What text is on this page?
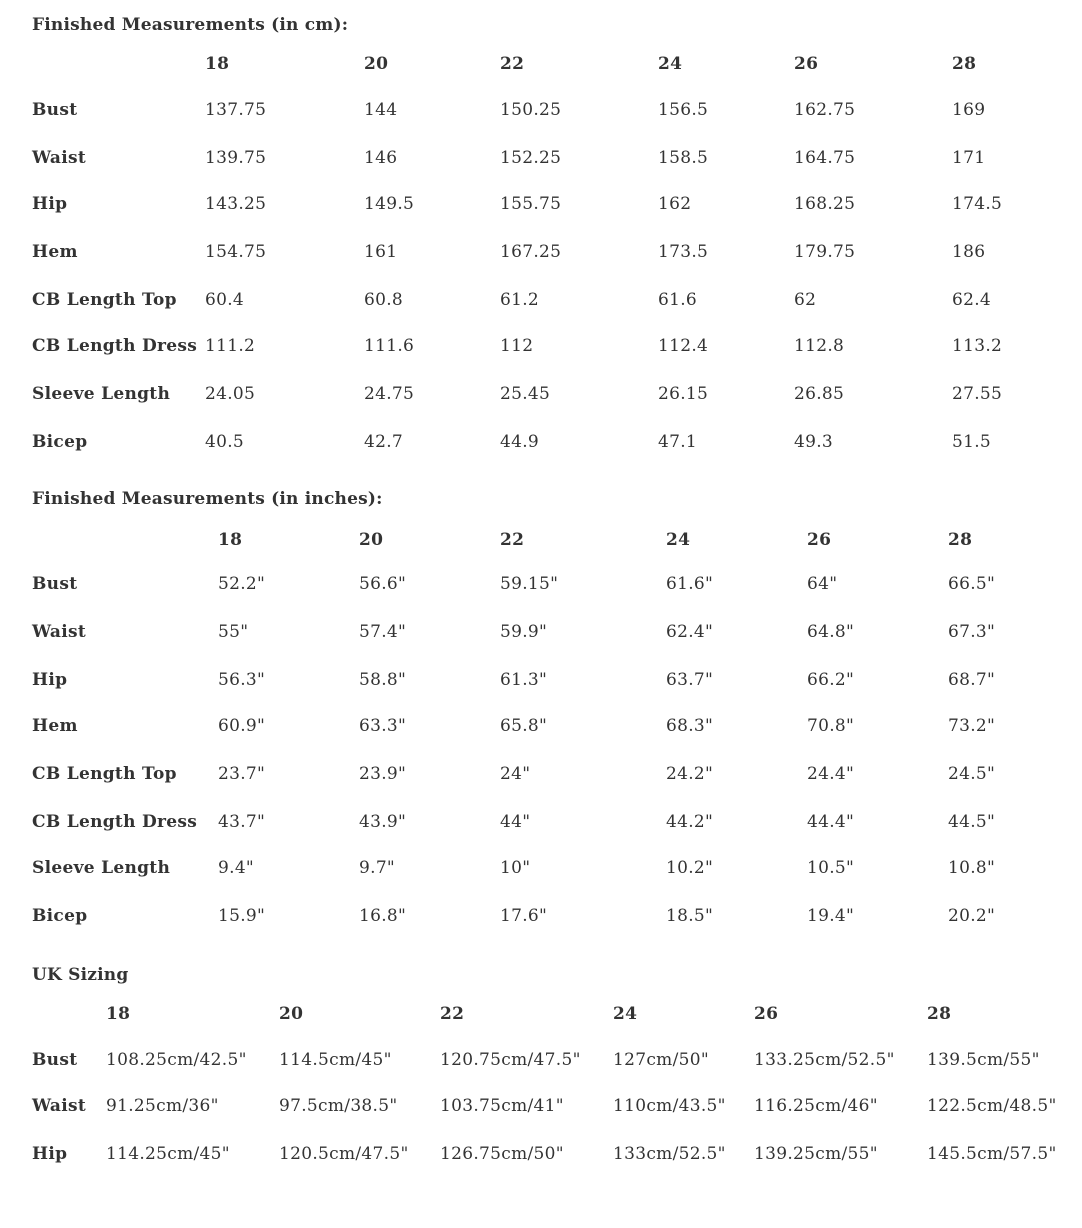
Finished Measurements (in cm):
18	20	22	24	26	28
Bust	137.75	144	150.25	156.5	162.75	169
Waist	139.75	146	152.25	158.5	164.75	171
Hip	143.25	149.5	155.75	162	168.25	174.5
Hem	154.75	161	167.25	173.5	179.75	186
CB Length Top 60.4	60.8	61.2	61.6	62	62.4
CB Length Dress 111.2	111.6	112	112.4	112.8	113.2
Sleeve Length 24.05	24.75	25.45	26.15	26.85	27.55
Bicep	40.5	42.7	44.9	47.1	49.3	51.5
Finished Measurements (in inches):
18	20	22	24	26	28
Bust	52.2"	56.6"	59.15"	61.6"	64"	66.5"
Waist	55"	57.4"	59.9"	62.4"	64.8"	67.3"
Hip	56.3"	58.8"	61.3"	63.7"	66.2"	68.7"
Hem	60.9"	63.3"	65.8"	68.3"	70.8"	73.2"
CB Length Top 23.7"	23.9"	24"	24.2"	24.4"	24.5"
CB Length Dress 43.7"	43.9"	44"	44.2"	44.4"	44.5"
Sleeve Length	9.4"	9.7"	10"	10.2"	10.5"	10.8"
Bicep	15.9"	16.8"	17.6"	18.5"	19.4"	20.2"
UK Sizing
18	20	22	24	26	28
Bust 108.25cm/42.5" 114.5cm/45"	120.75cm/47.5" 127cm/50"	133.25cm/52.5" 139.5cm/55"
Waist 91.25cm/36"	97.5cm/38.5"	103.75cm/41"	110cm/43.5" 116.25cm/46"	122.5cm/48.5"
Hip 114.25cm/45"	120.5cm/47.5" 126.75cm/50"	133cm/52.5" 139.25cm/55"	145.5cm/57.5"
